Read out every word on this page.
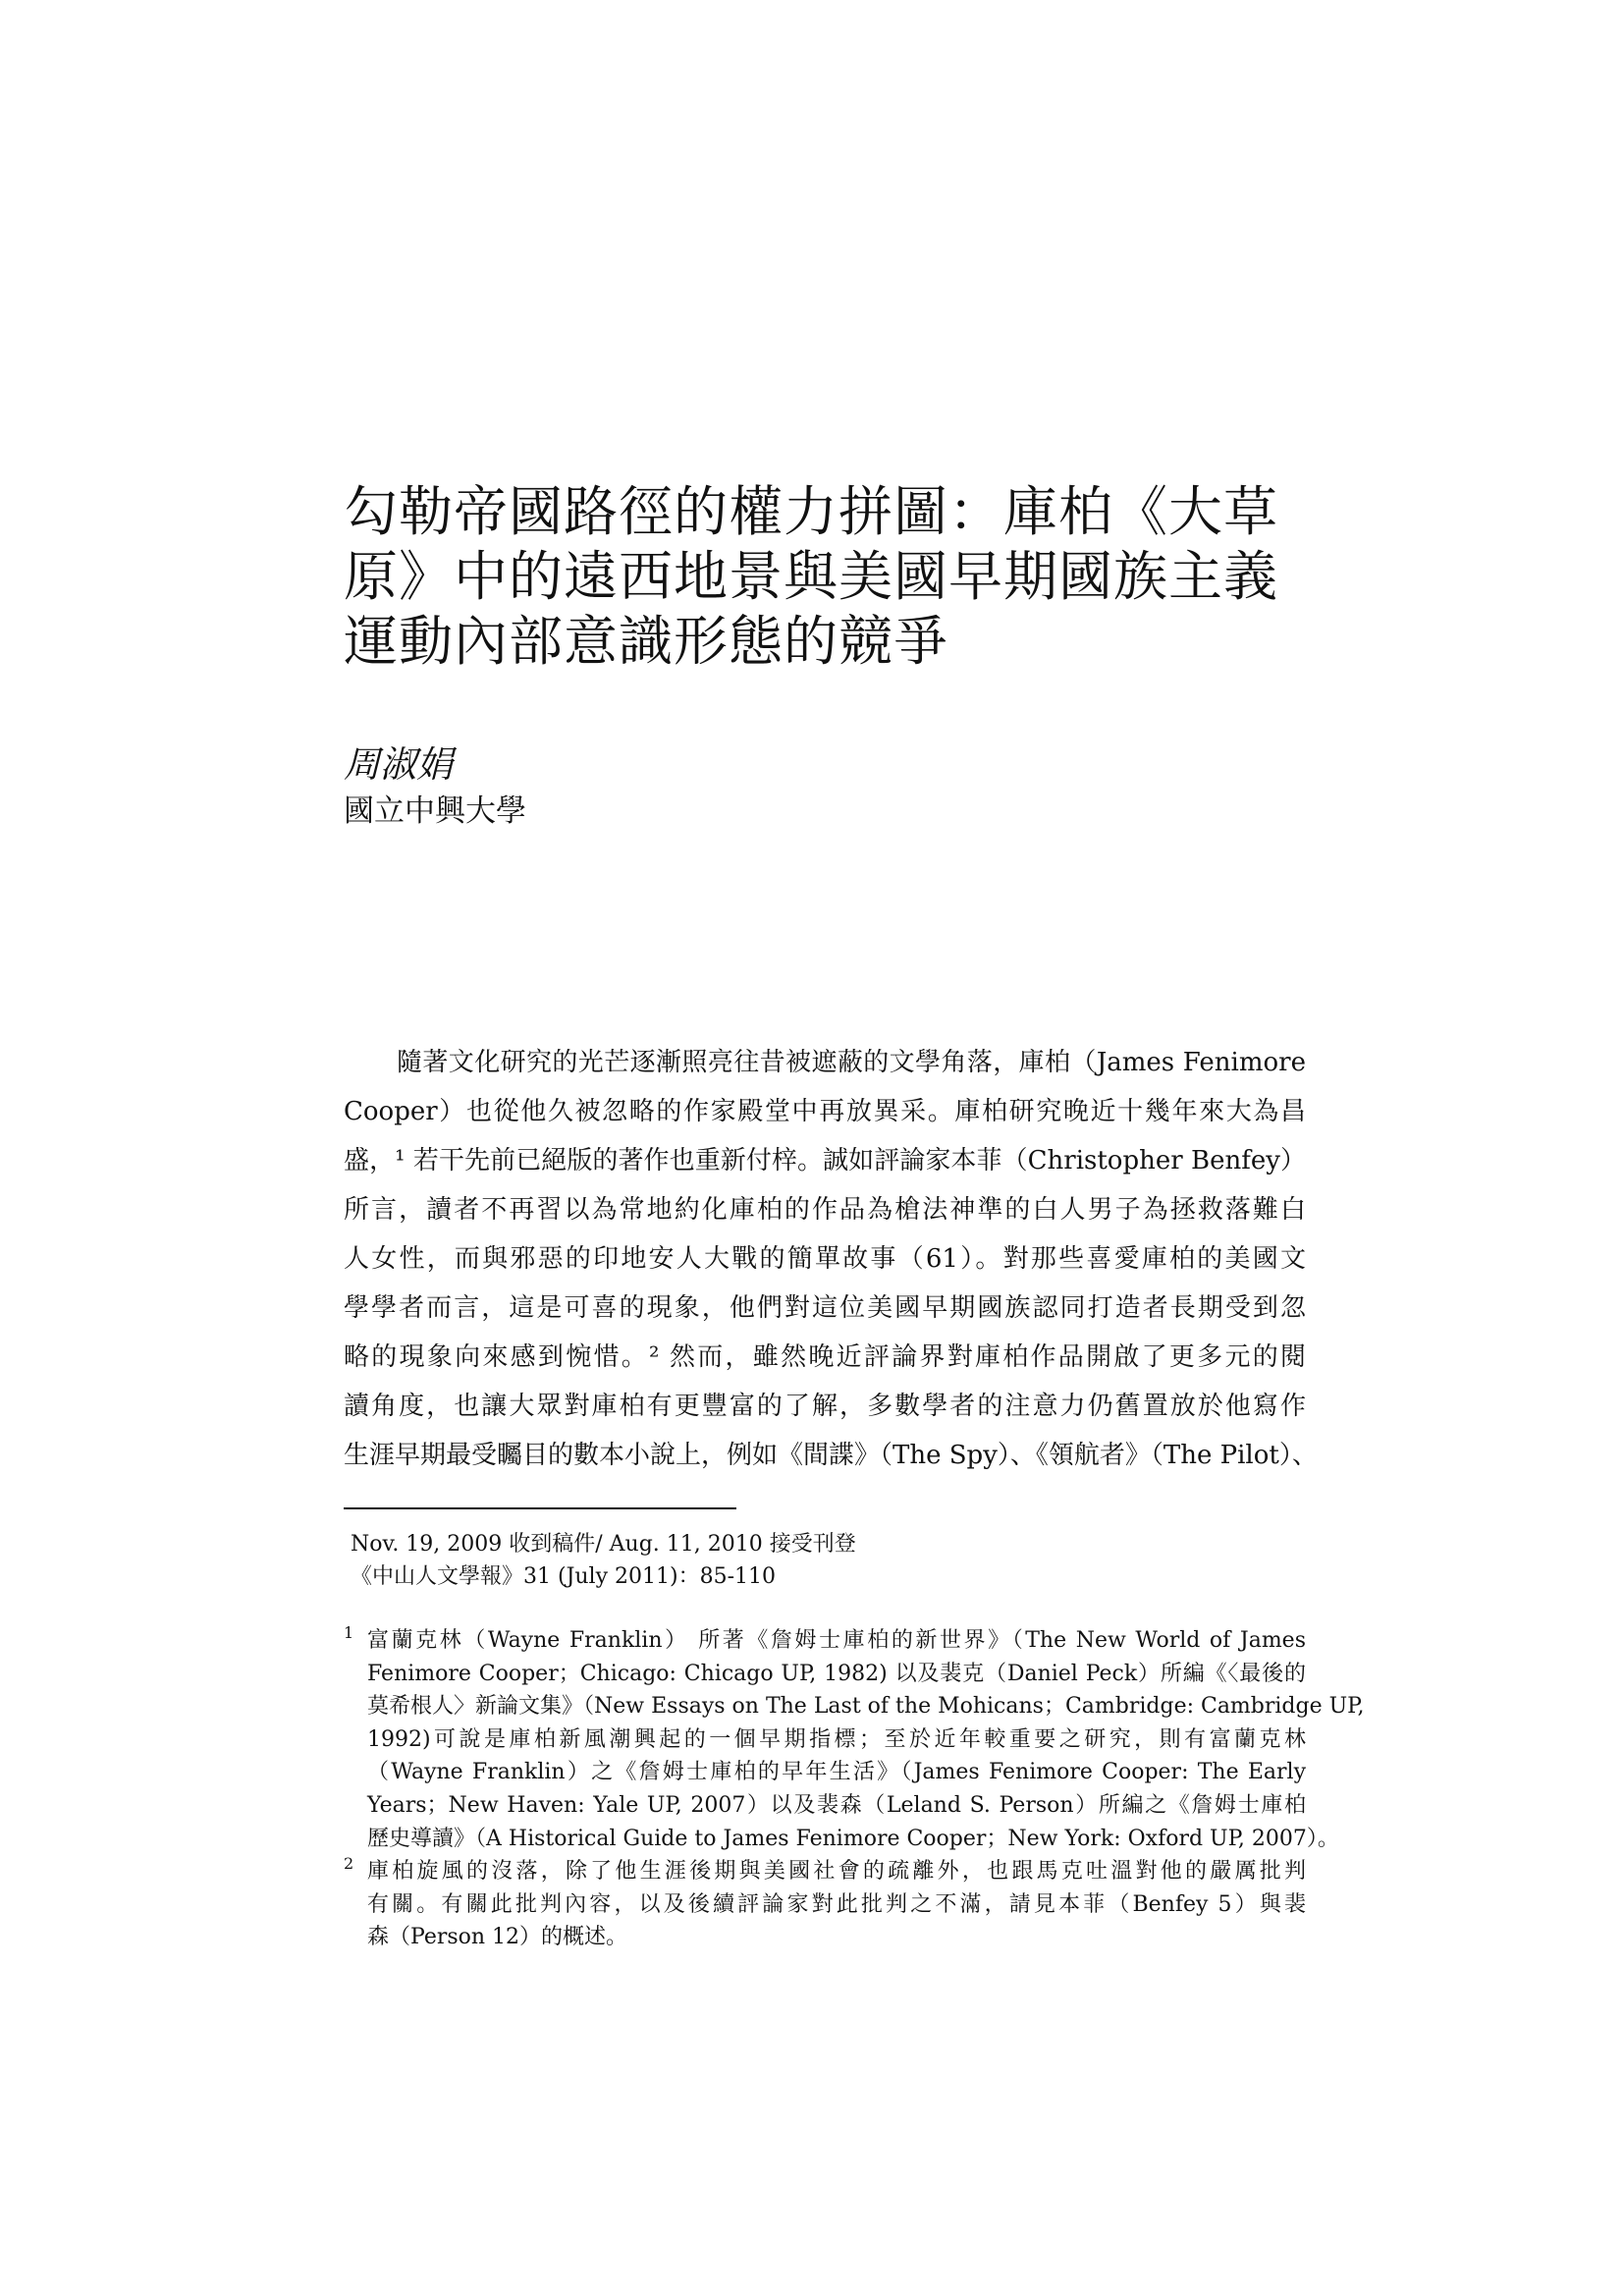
勾勒帝國路徑的權力拼圖：庫柏《大草
原》中的遠西地景與美國早期國族主義
運動內部意識形態的競爭
周淑娟
國立中興大學
隨著文化研究的光芒逐漸照亮往昔被遮蔽的文學角落，庫柏（James Fenimore
Cooper）也從他久被忽略的作家殿堂中再放異采。庫柏研究晚近十幾年來大為昌
盛，¹ 若干先前已絕版的著作也重新付梓。誠如評論家本菲（Christopher Benfey）
所言，讀者不再習以為常地約化庫柏的作品為槍法神準的白人男子為拯救落難白
人女性，而與邪惡的印地安人大戰的簡單故事（61）。對那些喜愛庫柏的美國文
學學者而言，這是可喜的現象，他們對這位美國早期國族認同打造者長期受到忽
略的現象向來感到惋惜。² 然而，雖然晚近評論界對庫柏作品開啟了更多元的閱
讀角度，也讓大眾對庫柏有更豐富的了解，多數學者的注意力仍舊置放於他寫作
生涯早期最受矚目的數本小說上，例如《間諜》（The Spy）、《領航者》（The Pilot）、
Nov. 19, 2009 收到稿件/ Aug. 11, 2010 接受刊登
《中山人文學報》31 (July 2011)：85-110
1 富蘭克林（Wayne Franklin） 所著《詹姆士庫柏的新世界》（The New World of James
Fenimore Cooper；Chicago: Chicago UP, 1982) 以及裴克（Daniel Peck）所編《〈最後的
莫希根人〉新論文集》（New Essays on The Last of the Mohicans；Cambridge: Cambridge UP,
1992)可說是庫柏新風潮興起的一個早期指標；至於近年較重要之研究，則有富蘭克林
（Wayne Franklin）之《詹姆士庫柏的早年生活》（James Fenimore Cooper: The Early
Years；New Haven: Yale UP, 2007）以及裴森（Leland S. Person）所編之《詹姆士庫柏
歷史導讀》（A Historical Guide to James Fenimore Cooper；New York: Oxford UP, 2007）。
2 庫柏旋風的沒落，除了他生涯後期與美國社會的疏離外，也跟馬克吐溫對他的嚴厲批判
有關。有關此批判內容，以及後續評論家對此批判之不滿，請見本菲（Benfey 5）與裴
森（Person 12）的概述。
